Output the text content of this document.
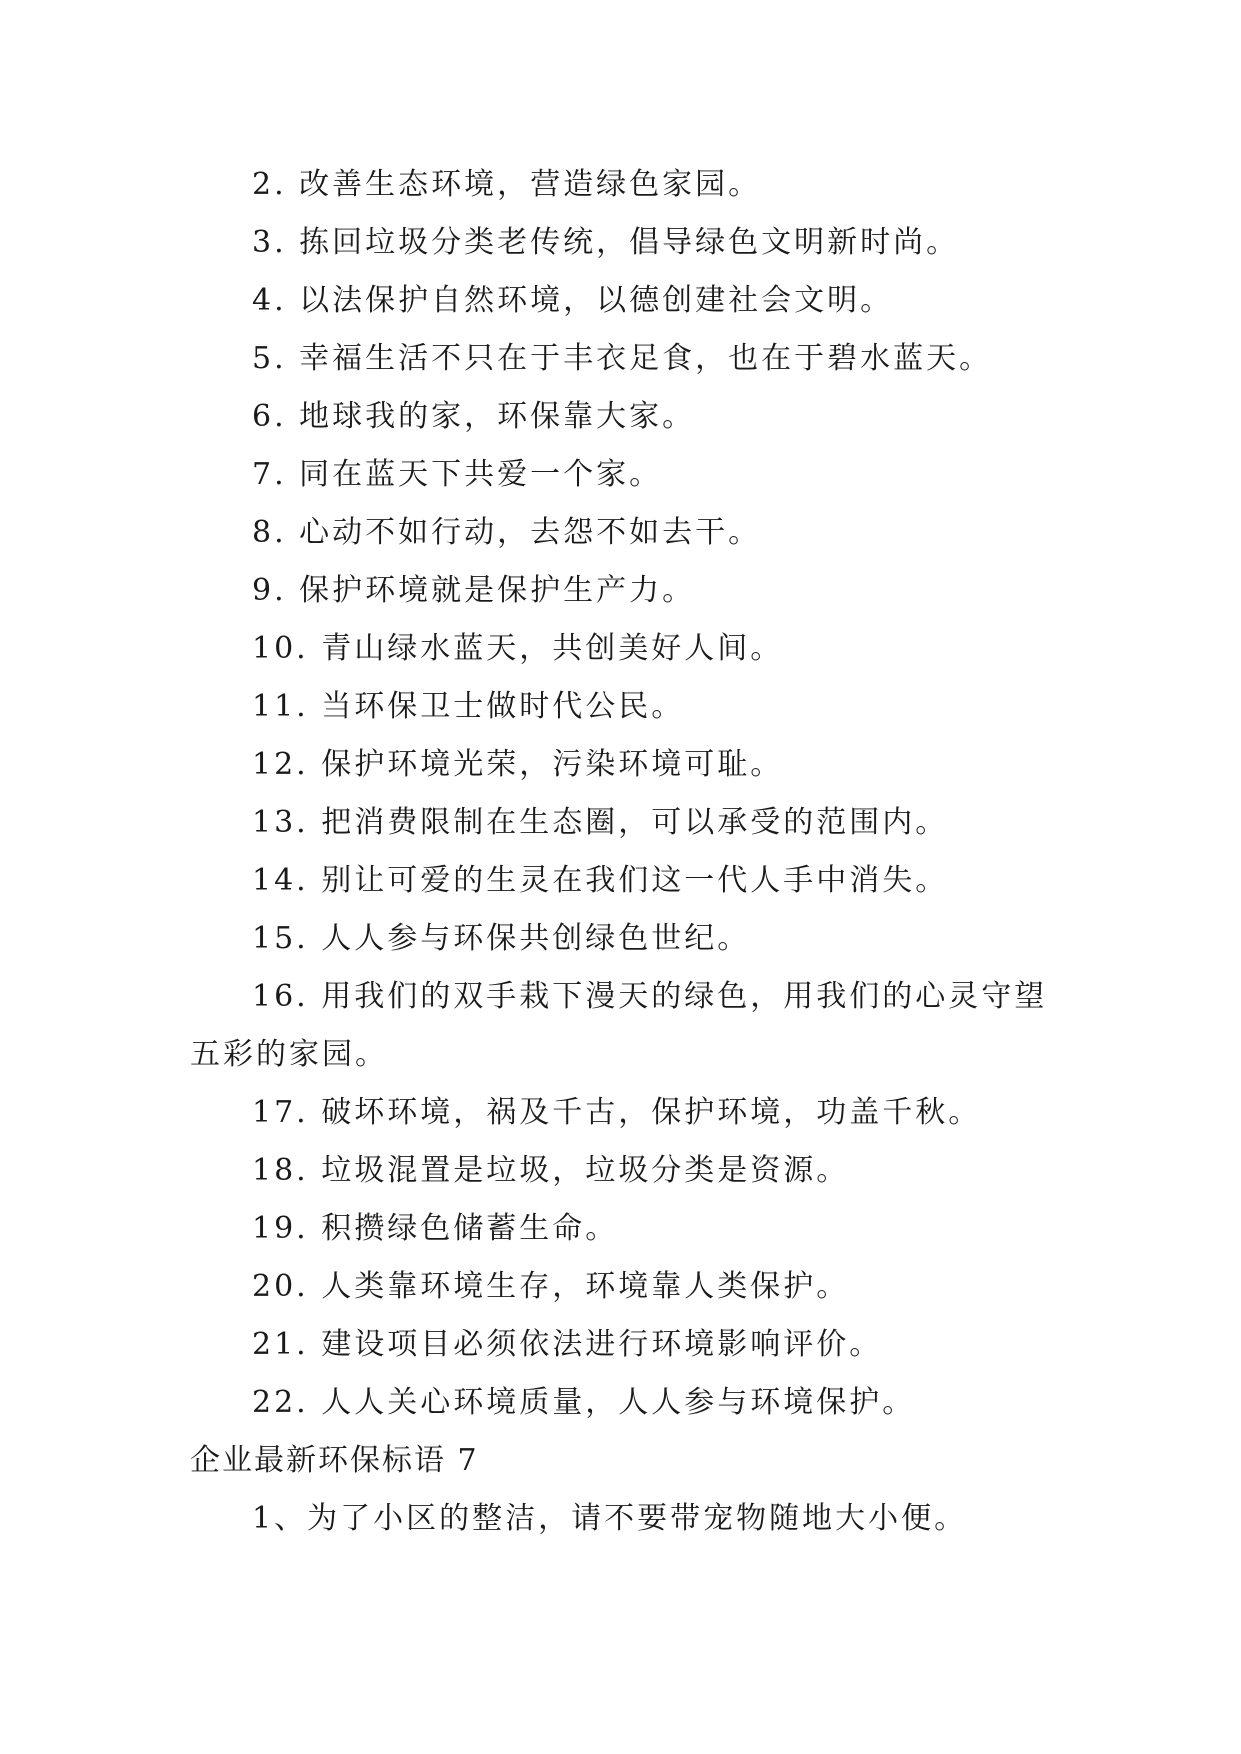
2. 改善生态环境，营造绿色家园。
3. 拣回垃圾分类老传统，倡导绿色文明新时尚。
4. 以法保护自然环境，以德创建社会文明。
5. 幸福生活不只在于丰衣足食，也在于碧水蓝天。
6. 地球我的家，环保靠大家。
7. 同在蓝天下共爱一个家。
8. 心动不如行动，去怨不如去干。
9. 保护环境就是保护生产力。
10. 青山绿水蓝天，共创美好人间。
11. 当环保卫士做时代公民。
12. 保护环境光荣，污染环境可耻。
13. 把消费限制在生态圈，可以承受的范围内。
14. 别让可爱的生灵在我们这一代人手中消失。
15. 人人参与环保共创绿色世纪。
16. 用我们的双手栽下漫天的绿色，用我们的心灵守望
五彩的家园。
17. 破坏环境，祸及千古，保护环境，功盖千秋。
18. 垃圾混置是垃圾，垃圾分类是资源。
19. 积攒绿色储蓄生命。
20. 人类靠环境生存，环境靠人类保护。
21. 建设项目必须依法进行环境影响评价。
22. 人人关心环境质量，人人参与环境保护。
企业最新环保标语 7
1、为了小区的整洁，请不要带宠物随地大小便。
